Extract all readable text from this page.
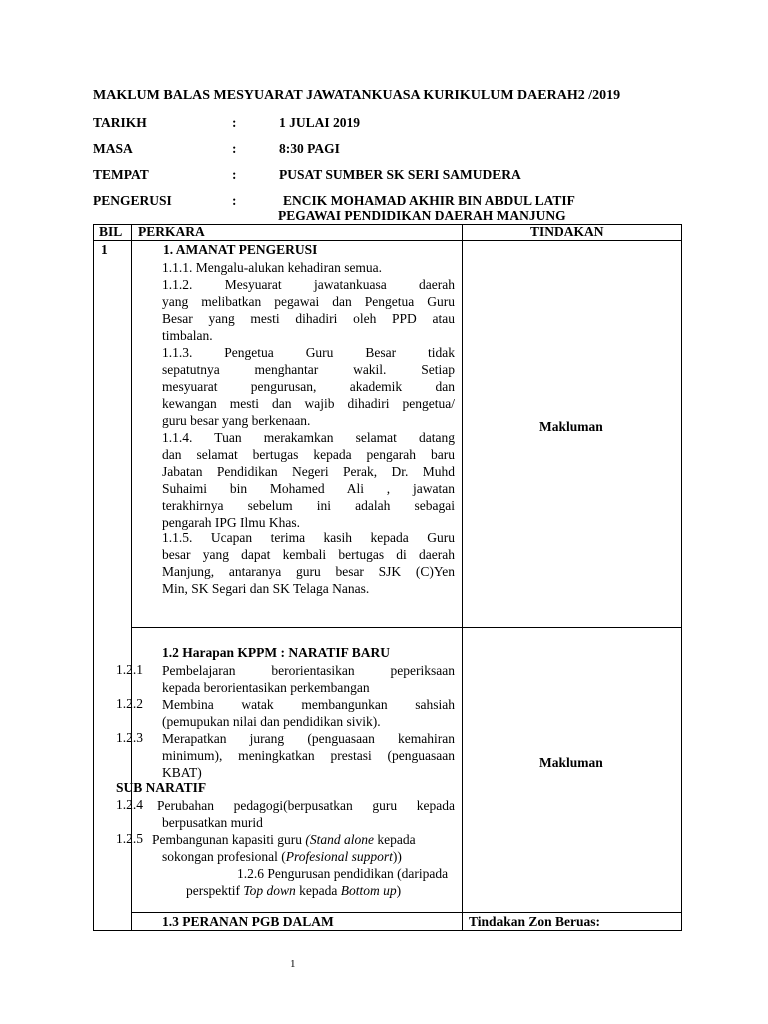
MAKLUM BALAS MESYUARAT JAWATANKUASA KURIKULUM DAERAH2 /2019
TARIKH	:	1 JULAI 2019
MASA	:	8:30 PAGI
TEMPAT	:	PUSAT SUMBER SK SERI SAMUDERA
PENGERUSI	:	ENCIK MOHAMAD AKHIR BIN ABDUL LATIF
PEGAWAI PENDIDIKAN DAERAH MANJUNG
BIL PERKARA	TINDAKAN
1	1. AMANAT PENGERUSI
1.1.1. Mengalu-alukan kehadiran semua.
1.1.2. Mesyuarat jawatankuasa daerah
yang melibatkan pegawai dan Pengetua Guru
Besar yang mesti dihadiri oleh PPD atau
timbalan.
1.1.3. Pengetua Guru Besar tidak
sepatutnya menghantar wakil. Setiap
mesyuarat pengurusan, akademik dan
kewangan mesti dan wajib dihadiri pengetua/
guru besar yang berkenaan.
1.1.4. Tuan merakamkan selamat datang
dan selamat bertugas kepada pengarah baru
Jabatan Pendidikan Negeri Perak, Dr. Muhd
Suhaimi bin Mohamed Ali , jawatan
terakhirnya sebelum ini adalah sebagai
pengarah IPG Ilmu Khas.
1.1.5. Ucapan terima kasih kepada Guru
besar yang dapat kembali bertugas di daerah
Manjung, antaranya guru besar SJK (C)Yen
Min, SK Segari dan SK Telaga Nanas.
Makluman
1.2 Harapan KPPM : NARATIF BARU
1.2.1 Pembelajaran berorientasikan peperiksaan
kepada berorientasikan perkembangan
1.2.2 Membina watak membangunkan sahsiah
(pemupukan nilai dan pendidikan sivik).
1.2.3 Merapatkan jurang (penguasaan kemahiran
minimum), meningkatkan prestasi (penguasaan
KBAT)
SUB NARATIF
1.2.4 Perubahan pedagogi(berpusatkan guru kepada
berpusatkan murid
1.2.5 Pembangunan kapasiti guru (Stand alone kepada
sokongan profesional (Profesional support))
1.2.6 Pengurusan pendidikan (daripada
perspektif Top down kepada Bottom up)
Makluman
1.3 PERANAN PGB DALAM	Tindakan Zon Beruas:
1
